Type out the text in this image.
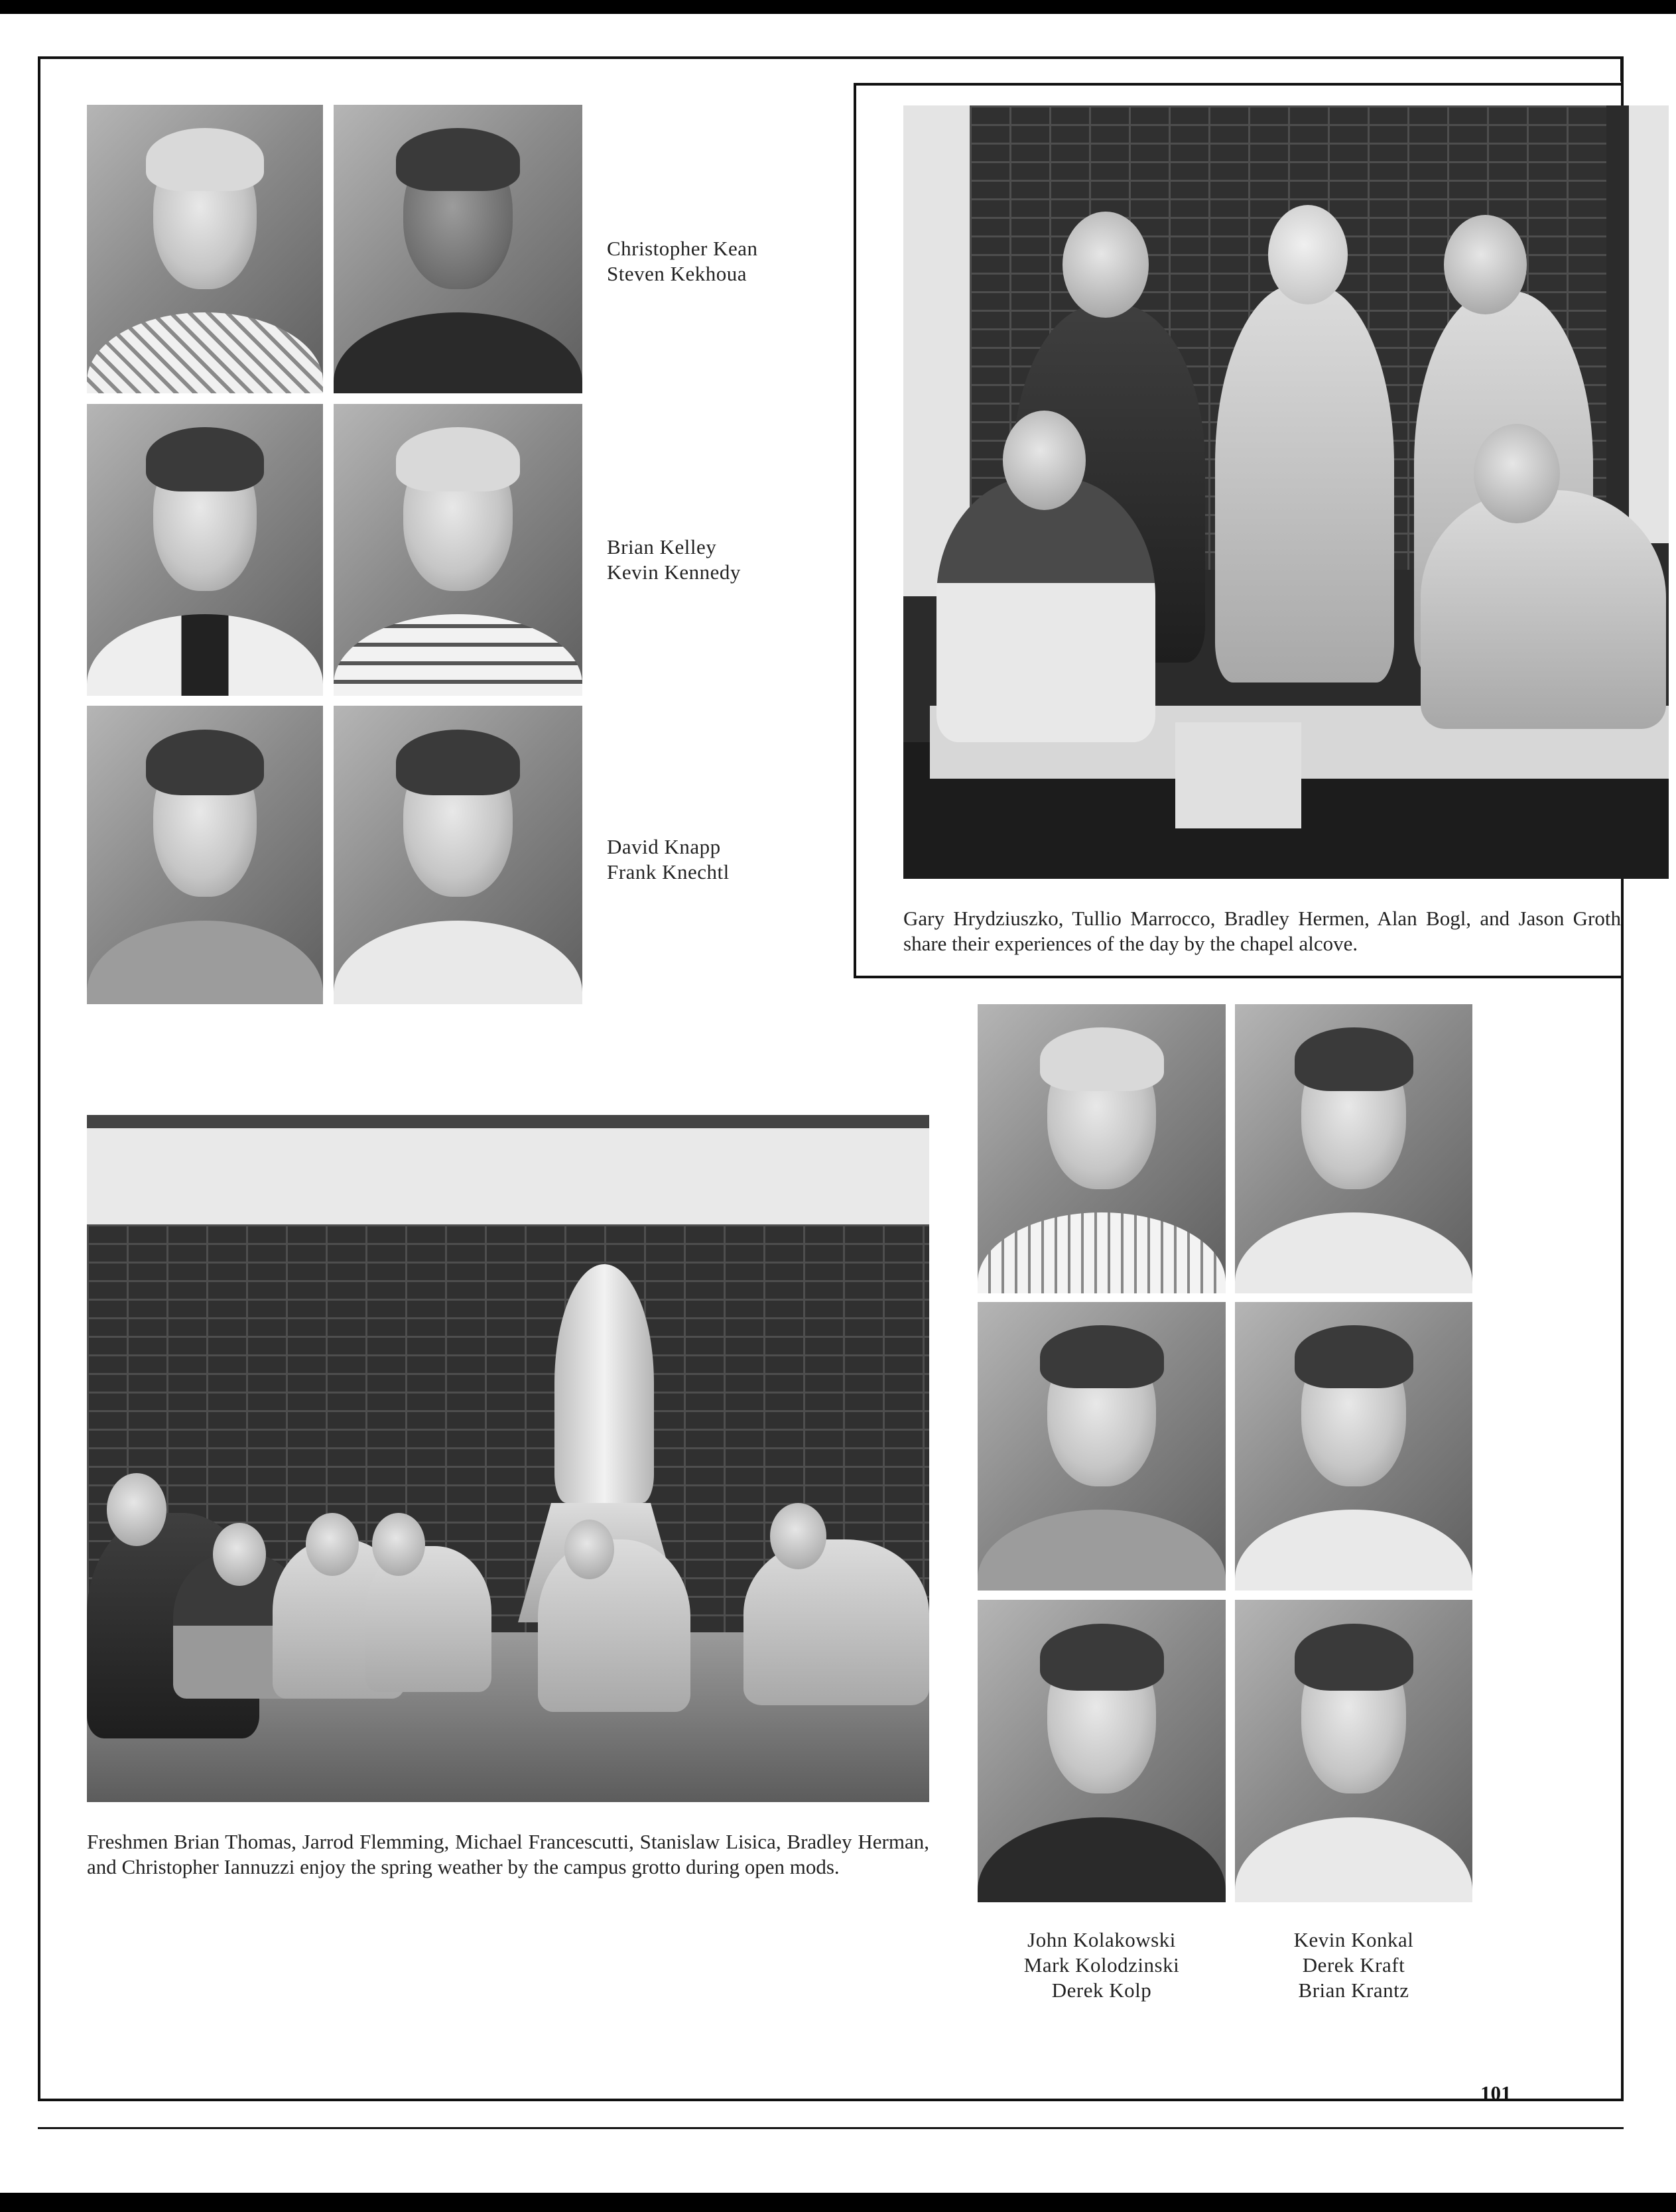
Christopher Kean
Steven Kekhoua
Brian Kelley
Kevin Kennedy
David Knapp
Frank Knechtl
Gary Hrydziuszko, Tullio Marrocco, Bradley Hermen, Alan Bogl, and Jason Groth share their experiences of the day by the chapel alcove.
Freshmen Brian Thomas, Jarrod Flemming, Michael Francescutti, Stanislaw Lisica, Bradley Herman, and Christopher Iannuzzi enjoy the spring weather by the campus grotto during open mods.
John Kolakowski
Mark Kolodzinski
Derek Kolp
Kevin Konkal
Derek Kraft
Brian Krantz
101
